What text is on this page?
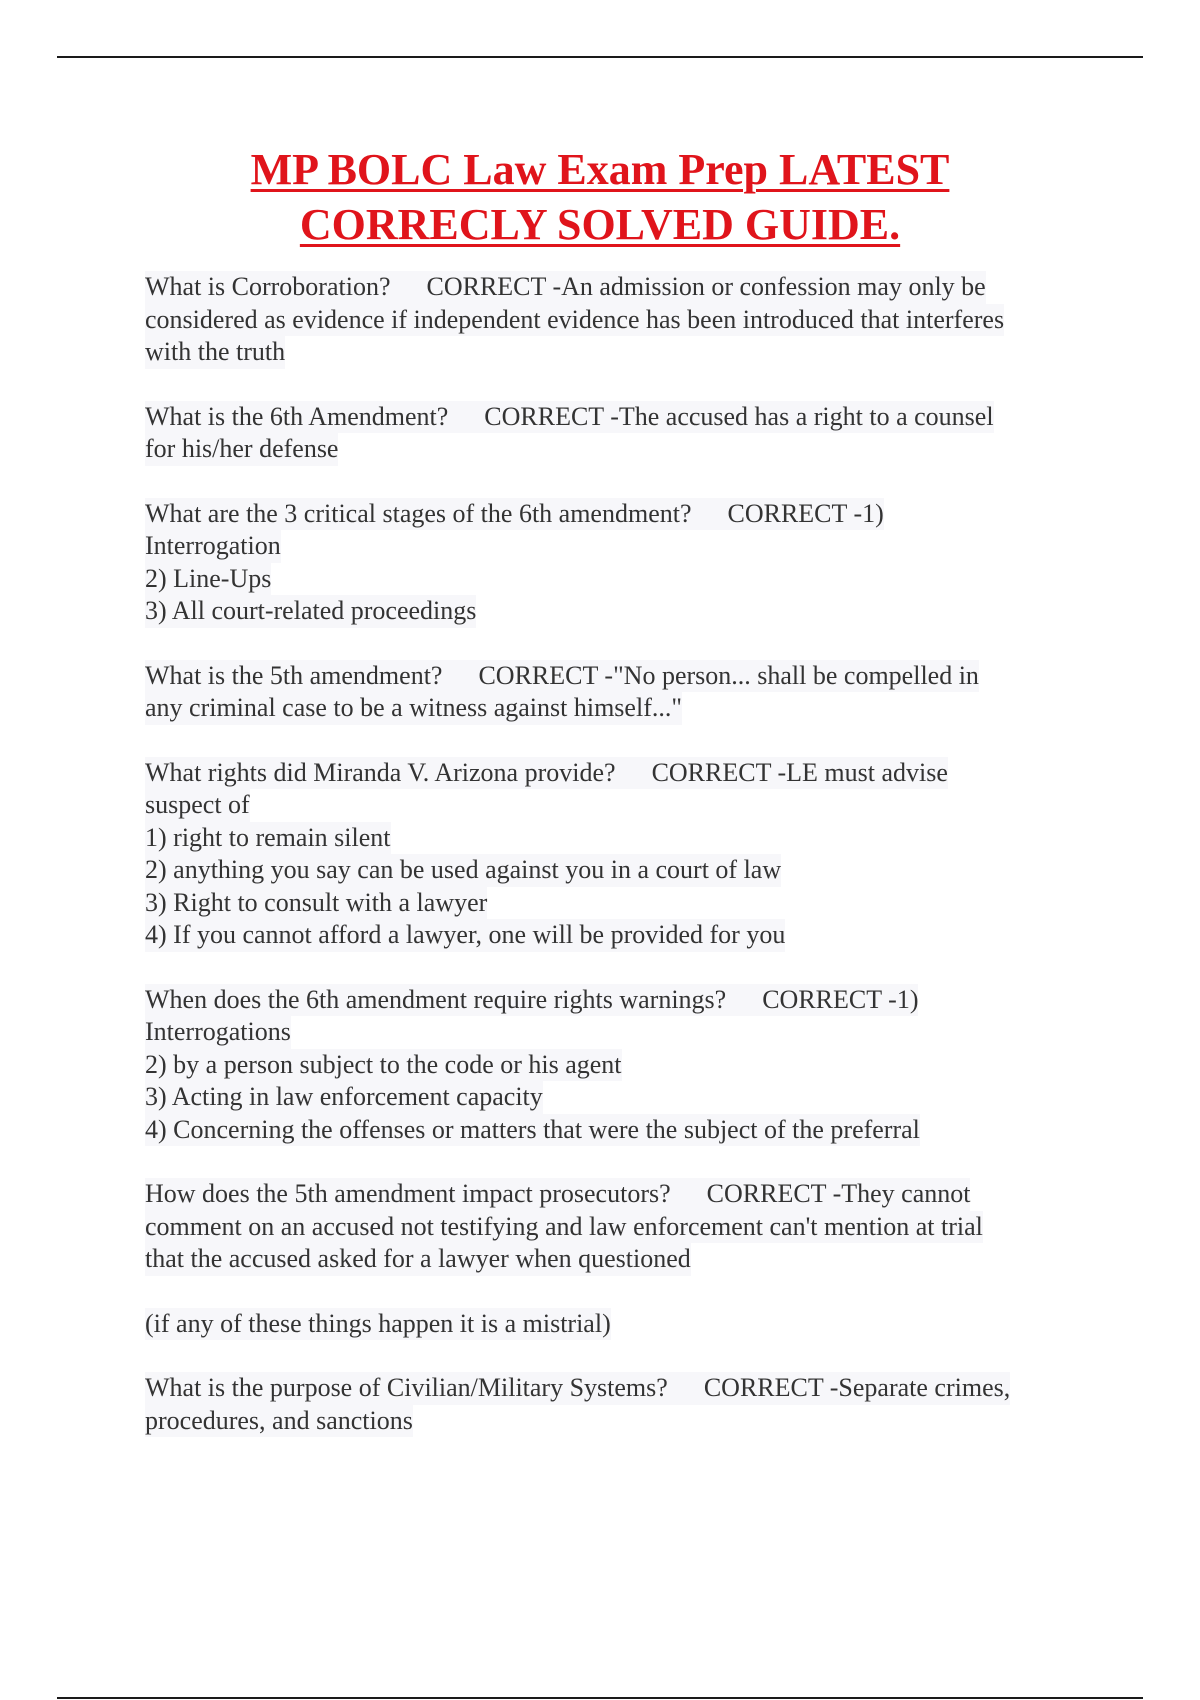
MP BOLC Law Exam Prep LATEST
CORRECLY SOLVED GUIDE.
What is Corroboration? CORRECT -An admission or confession may only be
considered as evidence if independent evidence has been introduced that interferes
with the truth
What is the 6th Amendment? CORRECT -The accused has a right to a counsel
for his/her defense
What are the 3 critical stages of the 6th amendment? CORRECT -1)
Interrogation
2) Line-Ups
3) All court-related proceedings
What is the 5th amendment? CORRECT -"No person... shall be compelled in
any criminal case to be a witness against himself..."
What rights did Miranda V. Arizona provide? CORRECT -LE must advise
suspect of
1) right to remain silent
2) anything you say can be used against you in a court of law
3) Right to consult with a lawyer
4) If you cannot afford a lawyer, one will be provided for you
When does the 6th amendment require rights warnings? CORRECT -1)
Interrogations
2) by a person subject to the code or his agent
3) Acting in law enforcement capacity
4) Concerning the offenses or matters that were the subject of the preferral
How does the 5th amendment impact prosecutors? CORRECT -They cannot
comment on an accused not testifying and law enforcement can't mention at trial
that the accused asked for a lawyer when questioned
(if any of these things happen it is a mistrial)
What is the purpose of Civilian/Military Systems? CORRECT -Separate crimes,
procedures, and sanctions
